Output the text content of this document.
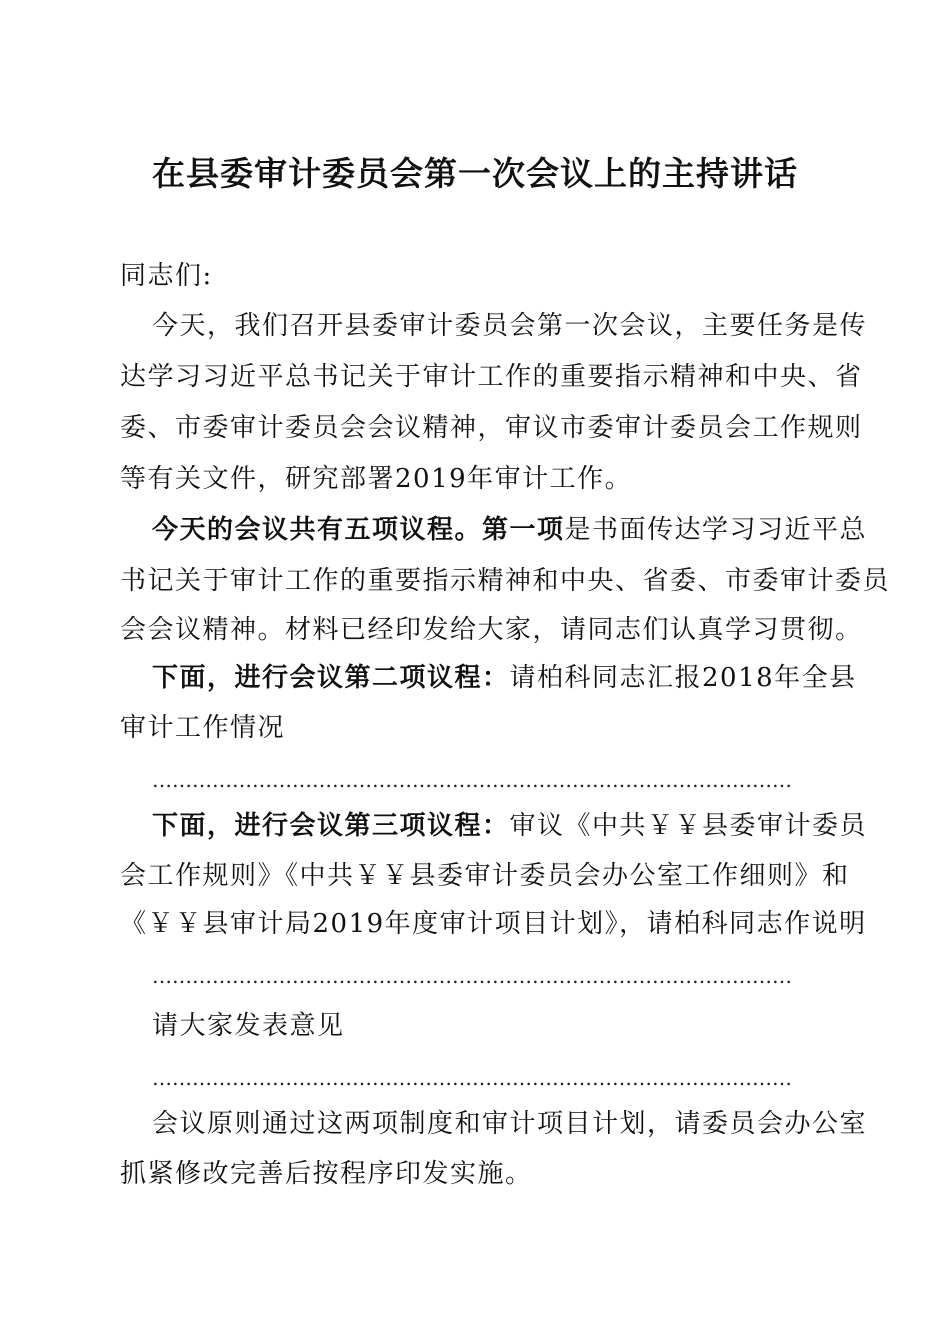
在县委审计委员会第一次会议上的主持讲话
同志们:
今天，我们召开县委审计委员会第一次会议，主要任务是传
达学习习近平总书记关于审计工作的重要指示精神和中央、省
委、市委审计委员会会议精神，审议市委审计委员会工作规则
等有关文件，研究部署2019年审计工作。
今天的会议共有五项议程。第一项是书面传达学习习近平总
书记关于审计工作的重要指示精神和中央、省委、市委审计委员
会会议精神。材料已经印发给大家，请同志们认真学习贯彻。
下面，进行会议第二项议程：请柏科同志汇报2018年全县
审计工作情况
……………………………………………………………………………………
下面，进行会议第三项议程：审议《中共￥￥县委审计委员
会工作规则》《中共￥￥县委审计委员会办公室工作细则》和
《￥￥县审计局2019年度审计项目计划》，请柏科同志作说明
……………………………………………………………………………………
请大家发表意见
……………………………………………………………………………………
会议原则通过这两项制度和审计项目计划，请委员会办公室
抓紧修改完善后按程序印发实施。
